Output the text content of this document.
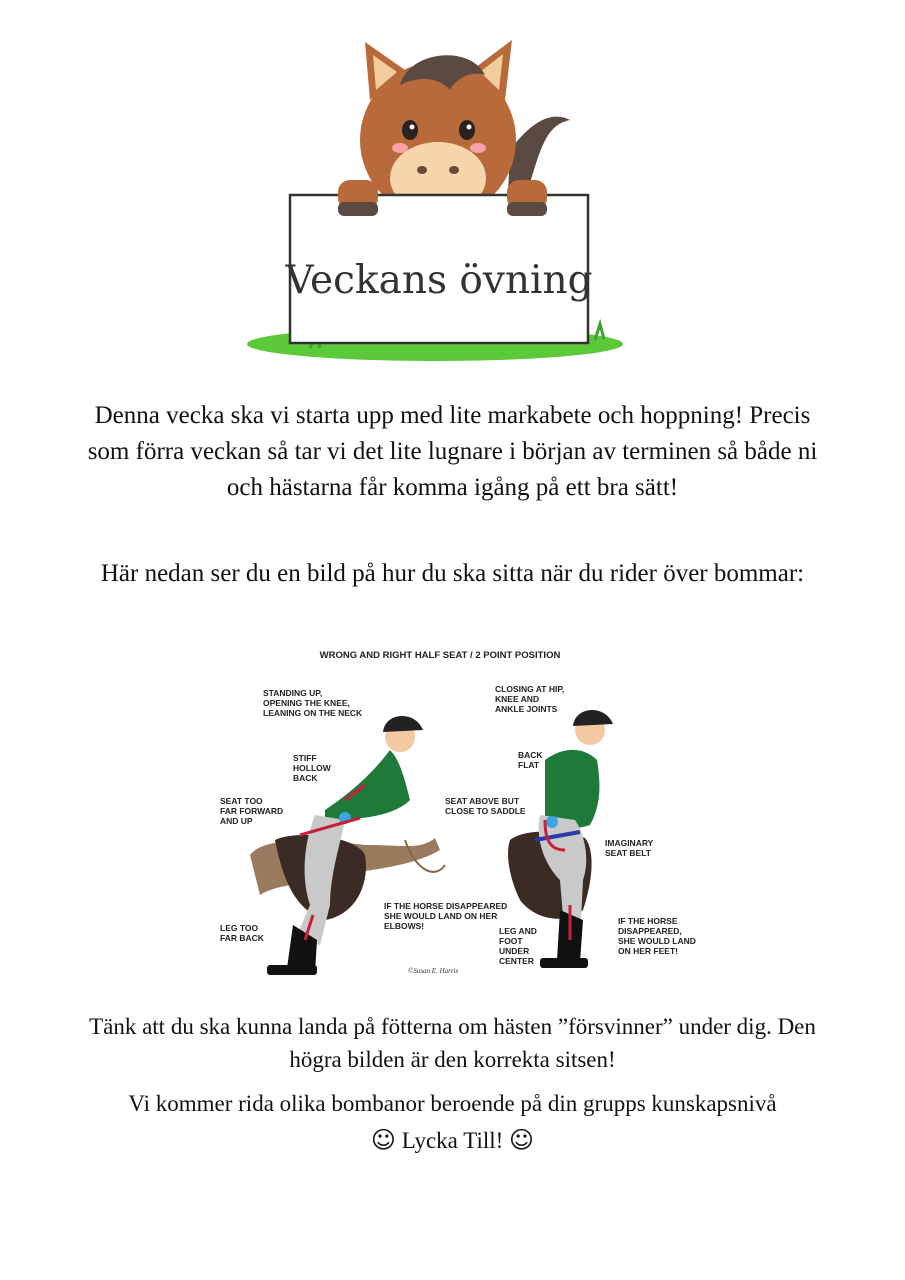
Veckans övning

Denna vecka ska vi starta upp med lite markabete och hoppning! Precis som förra veckan så tar vi det lite lugnare i början av terminen så både ni och hästarna får komma igång på ett bra sätt!

Här nedan ser du en bild på hur du ska sitta när du rider över bommar:

WRONG AND RIGHT HALF SEAT / 2 POINT POSITION
STANDING UP, OPENING THE KNEE, LEANING ON THE NECK
STIFF HOLLOW BACK
SEAT TOO FAR FORWARD AND UP
LEG TOO FAR BACK
IF THE HORSE DISAPPEARED SHE WOULD LAND ON HER ELBOWS!
CLOSING AT HIP, KNEE AND ANKLE JOINTS
BACK FLAT
SEAT ABOVE BUT CLOSE TO SADDLE
IMAGINARY SEAT BELT
LEG AND FOOT UNDER CENTER
IF THE HORSE DISAPPEARED, SHE WOULD LAND ON HER FEET!
©Susan E. Harris

Tänk att du ska kunna landa på fötterna om hästen ”försvinner” under dig. Den högra bilden är den korrekta sitsen!

Vi kommer rida olika bombanor beroende på din grupps kunskapsnivå
☺ Lycka Till! ☺
